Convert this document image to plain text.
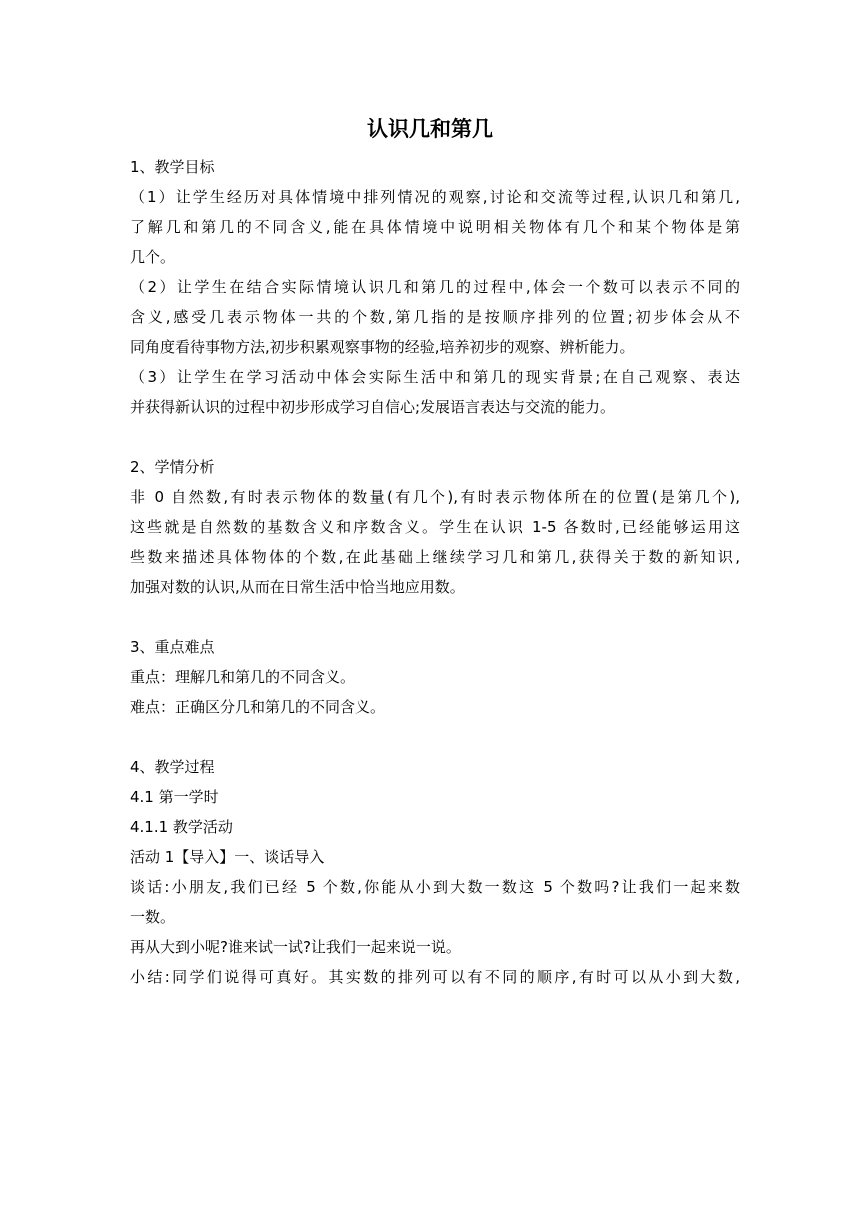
认识几和第几
1、教学目标
（1）让学生经历对具体情境中排列情况的观察,讨论和交流等过程,认识几和第几,
了解几和第几的不同含义,能在具体情境中说明相关物体有几个和某个物体是第
几个。
（2）让学生在结合实际情境认识几和第几的过程中,体会一个数可以表示不同的
含义,感受几表示物体一共的个数,第几指的是按顺序排列的位置;初步体会从不
同角度看待事物方法,初步积累观察事物的经验,培养初步的观察、辨析能力。
（3）让学生在学习活动中体会实际生活中和第几的现实背景;在自己观察、表达
并获得新认识的过程中初步形成学习自信心;发展语言表达与交流的能力。
2、学情分析
非 0 自然数,有时表示物体的数量(有几个),有时表示物体所在的位置(是第几个),
这些就是自然数的基数含义和序数含义。学生在认识 1-5 各数时,已经能够运用这
些数来描述具体物体的个数,在此基础上继续学习几和第几,获得关于数的新知识,
加强对数的认识,从而在日常生活中恰当地应用数。
3、重点难点
重点：理解几和第几的不同含义。
难点：正确区分几和第几的不同含义。
4、教学过程
4.1 第一学时
4.1.1 教学活动
活动 1【导入】一、谈话导入
谈话:小朋友,我们已经 5 个数,你能从小到大数一数这 5 个数吗?让我们一起来数
一数。
再从大到小呢?谁来试一试?让我们一起来说一说。
小结:同学们说得可真好。其实数的排列可以有不同的顺序,有时可以从小到大数,
